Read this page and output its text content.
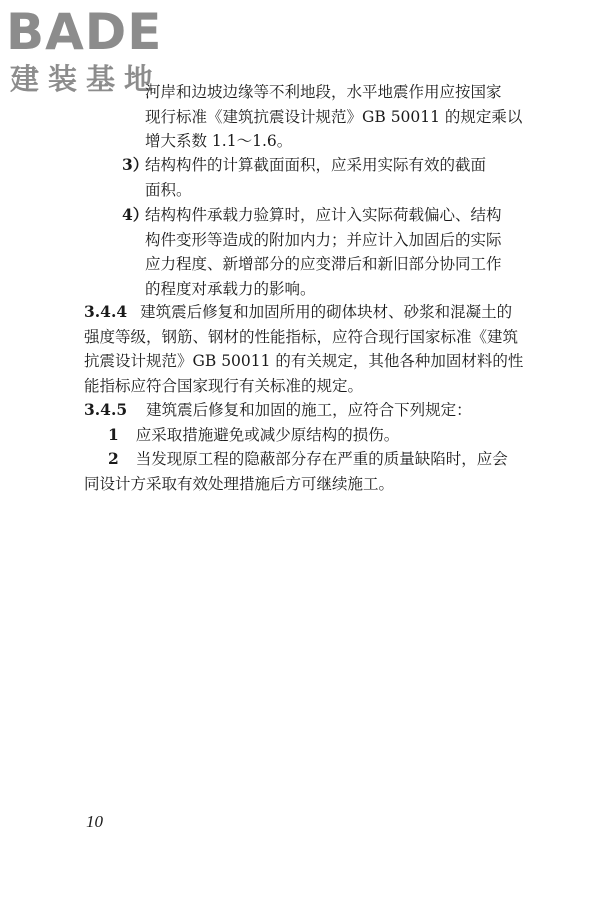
BADE
建装基地
河岸和边坡边缘等不利地段，水平地震作用应按国家
现行标准《建筑抗震设计规范》GB 50011 的规定乘以
增大系数 1.1～1.6。
3）
结构构件的计算截面面积，应采用实际有效的截面
面积。
4）
结构构件承载力验算时，应计入实际荷载偏心、结构
构件变形等造成的附加内力；并应计入加固后的实际
应力程度、新增部分的应变滞后和新旧部分协同工作
的程度对承载力的影响。
3.4.4 建筑震后修复和加固所用的砌体块材、砂浆和混凝土的
强度等级，钢筋、钢材的性能指标，应符合现行国家标准《建筑
抗震设计规范》GB 50011 的有关规定，其他各种加固材料的性
能指标应符合国家现行有关标准的规定。
3.4.5 建筑震后修复和加固的施工，应符合下列规定：
1 应采取措施避免或减少原结构的损伤。
2 当发现原工程的隐蔽部分存在严重的质量缺陷时，应会
同设计方采取有效处理措施后方可继续施工。
10
